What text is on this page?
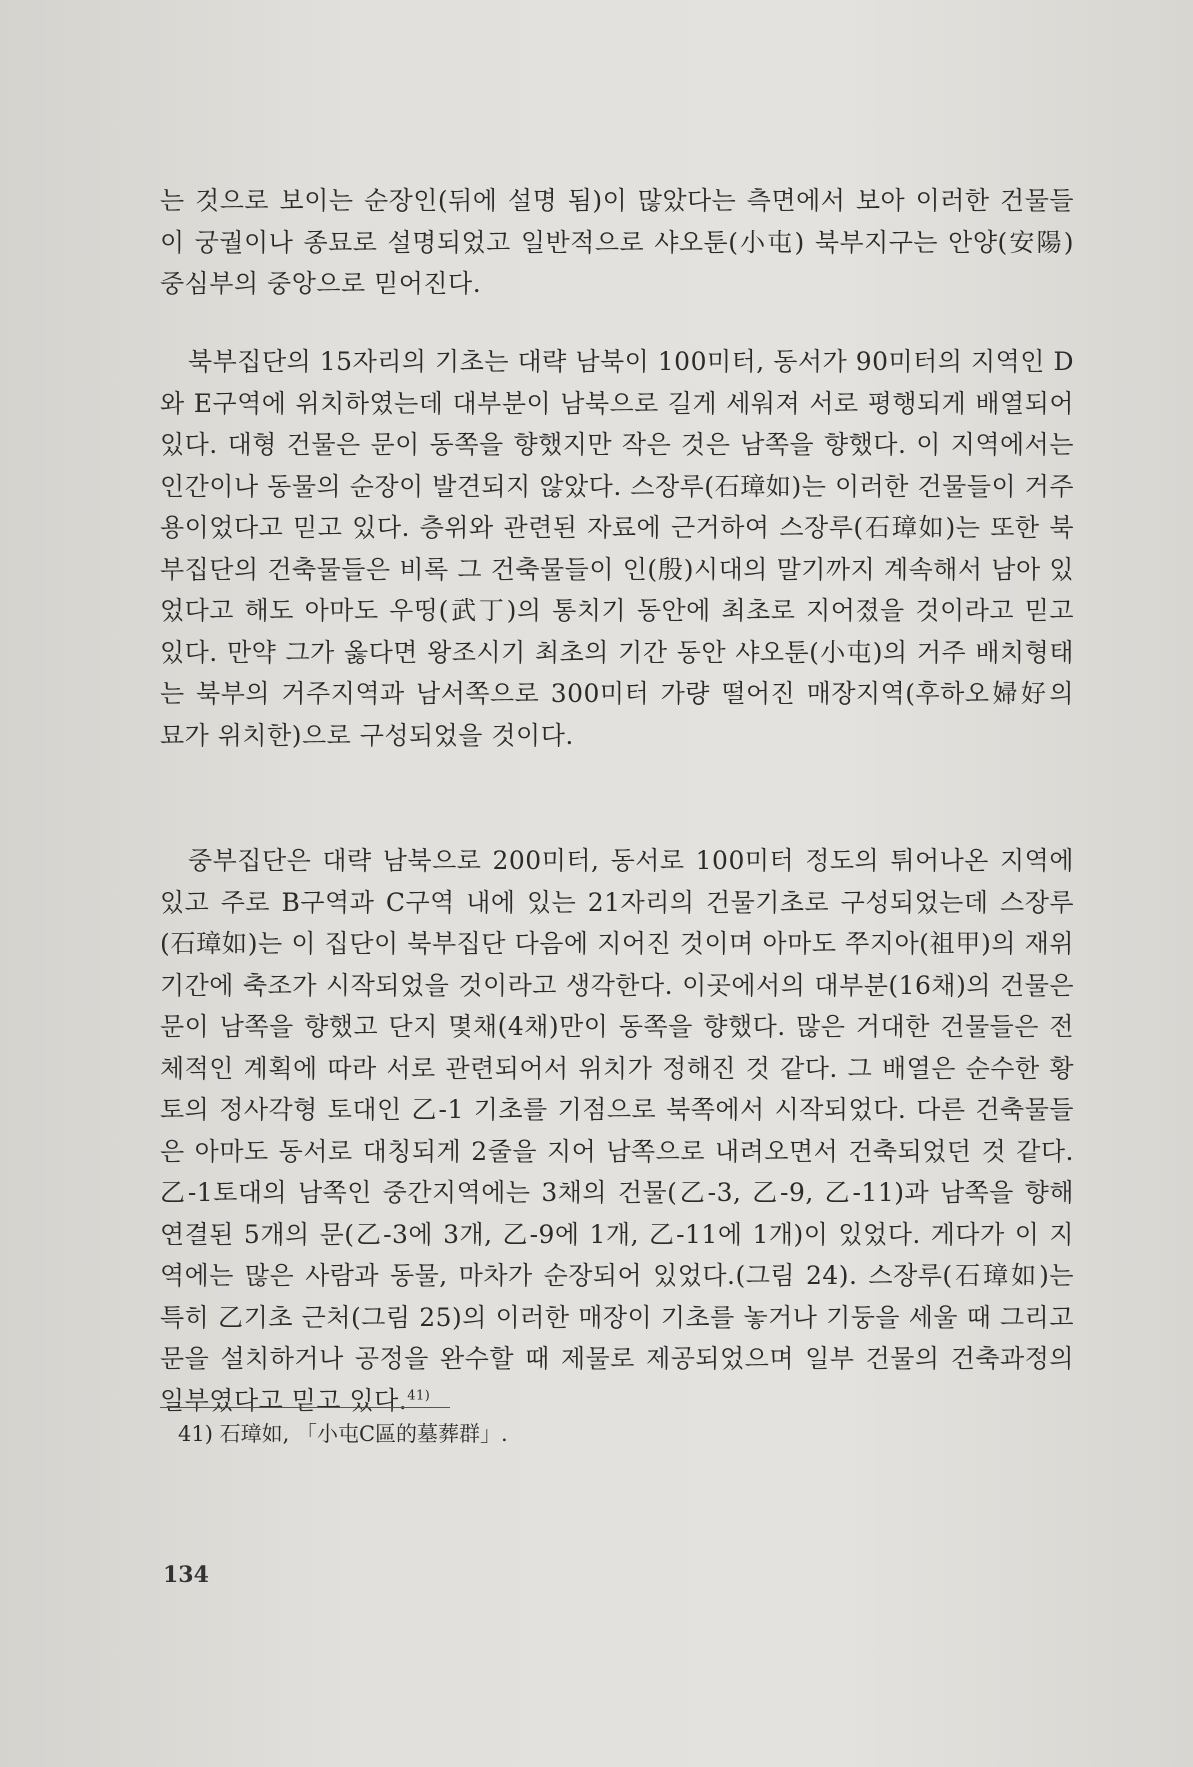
는 것으로 보이는 순장인(뒤에 설명 됨)이 많았다는 측면에서 보아 이러한 건물들이 궁궐이나 종묘로 설명되었고 일반적으로 샤오툰(小屯) 북부지구는 안양(安陽) 중심부의 중앙으로 믿어진다.

북부집단의 15자리의 기초는 대략 남북이 100미터, 동서가 90미터의 지역인 D와 E구역에 위치하였는데 대부분이 남북으로 길게 세워져 서로 평행되게 배열되어 있다. 대형 건물은 문이 동쪽을 향했지만 작은 것은 남쪽을 향했다. 이 지역에서는 인간이나 동물의 순장이 발견되지 않았다. 스장루(石璋如)는 이러한 건물들이 거주용이었다고 믿고 있다. 층위와 관련된 자료에 근거하여 스장루(石璋如)는 또한 북부집단의 건축물들은 비록 그 건축물들이 인(殷)시대의 말기까지 계속해서 남아 있었다고 해도 아마도 우띵(武丁)의 통치기 동안에 최초로 지어졌을 것이라고 믿고 있다. 만약 그가 옳다면 왕조시기 최초의 기간 동안 샤오툰(小屯)의 거주 배치형태는 북부의 거주지역과 남서쪽으로 300미터 가량 떨어진 매장지역(후하오婦好의 묘가 위치한)으로 구성되었을 것이다.

중부집단은 대략 남북으로 200미터, 동서로 100미터 정도의 튀어나온 지역에 있고 주로 B구역과 C구역 내에 있는 21자리의 건물기초로 구성되었는데 스장루(石璋如)는 이 집단이 북부집단 다음에 지어진 것이며 아마도 쭈지아(祖甲)의 재위기간에 축조가 시작되었을 것이라고 생각한다. 이곳에서의 대부분(16채)의 건물은 문이 남쪽을 향했고 단지 몇채(4채)만이 동쪽을 향했다. 많은 거대한 건물들은 전체적인 계획에 따라 서로 관련되어서 위치가 정해진 것 같다. 그 배열은 순수한 황토의 정사각형 토대인 乙-1 기초를 기점으로 북쪽에서 시작되었다. 다른 건축물들은 아마도 동서로 대칭되게 2줄을 지어 남쪽으로 내려오면서 건축되었던 것 같다. 乙-1토대의 남쪽인 중간지역에는 3채의 건물(乙-3, 乙-9, 乙-11)과 남쪽을 향해 연결된 5개의 문(乙-3에 3개, 乙-9에 1개, 乙-11에 1개)이 있었다. 게다가 이 지역에는 많은 사람과 동물, 마차가 순장되어 있었다.(그림 24). 스장루(石璋如)는 특히 乙기초 근처(그림 25)의 이러한 매장이 기초를 놓거나 기둥을 세울 때 그리고 문을 설치하거나 공정을 완수할 때 제물로 제공되었으며 일부 건물의 건축과정의 일부였다고 믿고 있다.$^{41)}$

41) 石璋如, 「小屯C區的墓葬群」.
134
